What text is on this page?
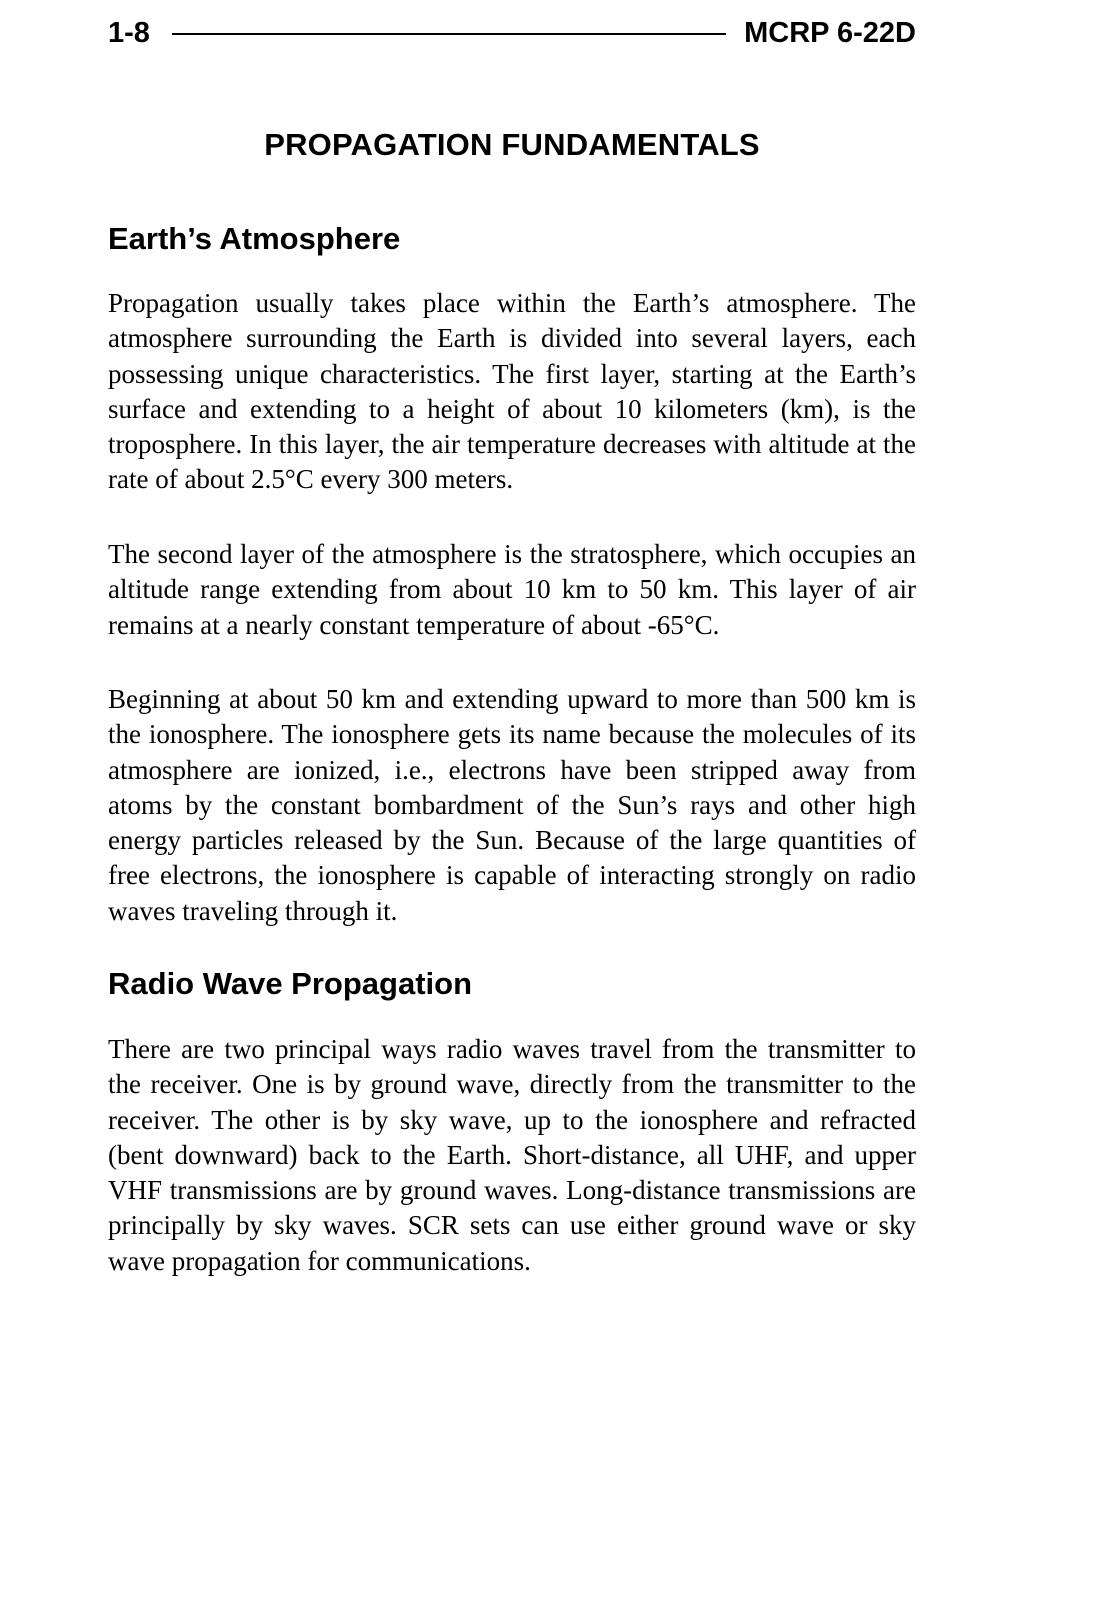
1-8	MCRP 6-22D
PROPAGATION FUNDAMENTALS
Earth’s Atmosphere

Propagation usually takes place within the Earth’s atmosphere. The atmosphere surrounding the Earth is divided into several layers, each possessing unique characteristics. The first layer, starting at the Earth’s surface and extending to a height of about 10 kilometers (km), is the troposphere. In this layer, the air temperature decreases with altitude at the rate of about 2.5°C every 300 meters.

The second layer of the atmosphere is the stratosphere, which occupies an altitude range extending from about 10 km to 50 km. This layer of air remains at a nearly constant temperature of about -65°C.

Beginning at about 50 km and extending upward to more than 500 km is the ionosphere. The ionosphere gets its name because the molecules of its atmosphere are ionized, i.e., electrons have been stripped away from atoms by the constant bombardment of the Sun’s rays and other high energy particles released by the Sun. Because of the large quantities of free electrons, the ionosphere is capable of interacting strongly on radio waves traveling through it.

Radio Wave Propagation

There are two principal ways radio waves travel from the transmitter to the receiver. One is by ground wave, directly from the transmitter to the receiver. The other is by sky wave, up to the ionosphere and refracted (bent downward) back to the Earth. Short-distance, all UHF, and upper VHF transmissions are by ground waves. Long-distance transmissions are principally by sky waves. SCR sets can use either ground wave or sky wave propagation for communications.
